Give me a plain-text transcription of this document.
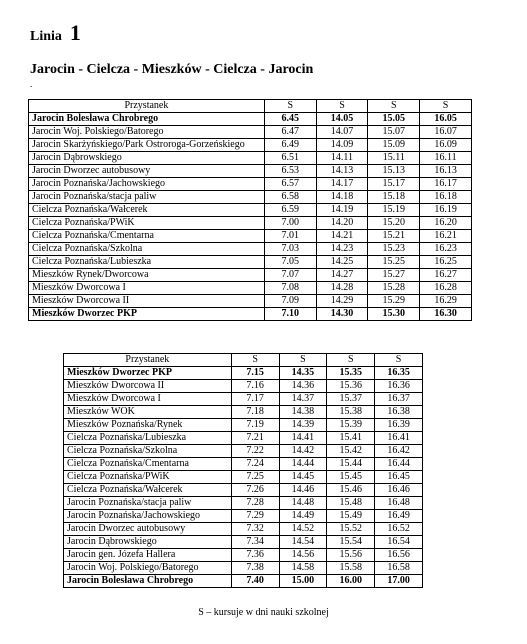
Linia 1
Jarocin - Cielcza - Mieszków - Cielcza - Jarocin
.
Przystanek	S	S	S	S
Jarocin Bolesława Chrobrego	6.45	14.05	15.05	16.05
Jarocin Woj. Polskiego/Batorego	6.47	14.07	15.07	16.07
Jarocin Skarżyńskiego/Park Ostroroga-Gorzeńskiego	6.49	14.09	15.09	16.09
Jarocin Dąbrowskiego	6.51	14.11	15.11	16.11
Jarocin Dworzec autobusowy	6.53	14.13	15.13	16.13
Jarocin Poznańska/Jachowskiego	6.57	14.17	15.17	16.17
Jarocin Poznańska/stacja paliw	6.58	14.18	15.18	16.18
Cielcza Poznańska/Wałcerek	6.59	14.19	15.19	16.19
Cielcza Poznańska/PWiK	7.00	14.20	15.20	16.20
Cielcza Poznańska/Cmentarna	7.01	14.21	15.21	16.21
Cielcza Poznańska/Szkolna	7.03	14.23	15.23	16.23
Cielcza Poznańska/Lubieszka	7.05	14.25	15.25	16.25
Mieszków Rynek/Dworcowa	7.07	14.27	15.27	16.27
Mieszków Dworcowa I	7.08	14.28	15.28	16.28
Mieszków Dworcowa II	7.09	14.29	15.29	16.29
Mieszków Dworzec PKP	7.10	14.30	15.30	16.30
Przystanek	S	S	S	S
Mieszków Dworzec PKP	7.15	14.35	15.35	16.35
Mieszków Dworcowa II	7.16	14.36	15.36	16.36
Mieszków Dworcowa I	7.17	14.37	15.37	16.37
Mieszków WOK	7.18	14.38	15.38	16.38
Mieszków Poznańska/Rynek	7.19	14.39	15.39	16.39
Cielcza Poznańska/Lubieszka	7.21	14.41	15.41	16.41
Cielcza Poznańska/Szkolna	7.22	14.42	15.42	16.42
Cielcza Poznańska/Cmentarna	7.24	14.44	15.44	16.44
Cielcza Poznańska/PWiK	7.25	14.45	15.45	16.45
Cielcza Poznańska/Wałcerek	7.26	14.46	15.46	16.46
Jarocin Poznańska/stacja paliw	7.28	14.48	15.48	16.48
Jarocin Poznańska/Jachowskiego	7.29	14.49	15.49	16.49
Jarocin Dworzec autobusowy	7.32	14.52	15.52	16.52
Jarocin Dąbrowskiego	7.34	14.54	15.54	16.54
Jarocin gen. Józefa Hallera	7.36	14.56	15.56	16.56
Jarocin Woj. Polskiego/Batorego	7.38	14.58	15.58	16.58
Jarocin Bolesława Chrobrego	7.40	15.00	16.00	17.00
S – kursuje w dni nauki szkolnej
